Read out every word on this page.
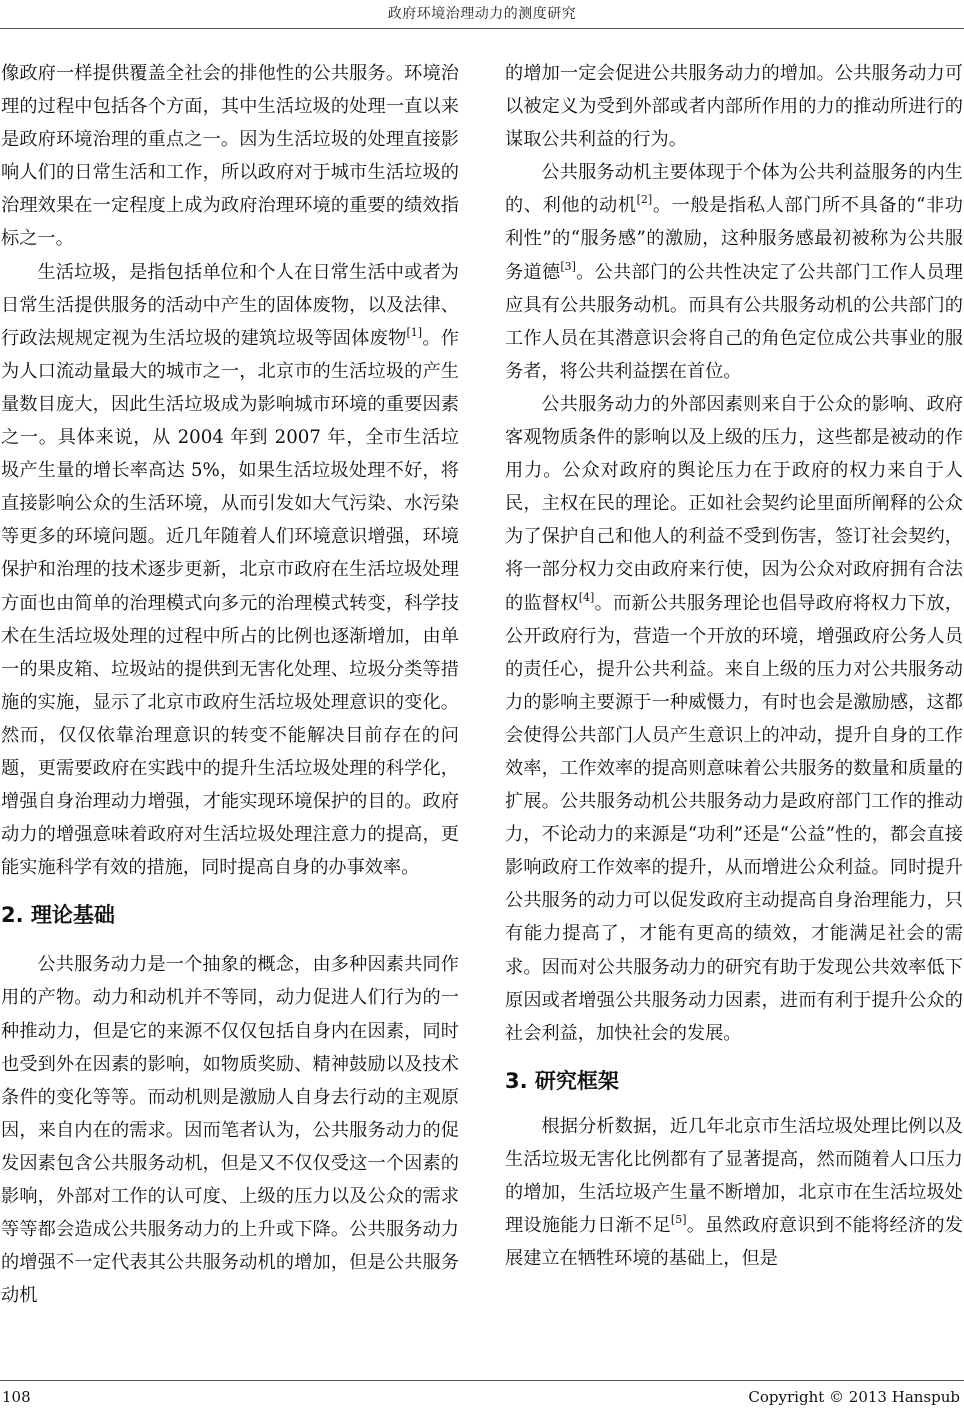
政府环境治理动力的测度研究

像政府一样提供覆盖全社会的排他性的公共服务。环境治理的过程中包括各个方面，其中生活垃圾的处理一直以来是政府环境治理的重点之一。因为生活垃圾的处理直接影响人们的日常生活和工作，所以政府对于城市生活垃圾的治理效果在一定程度上成为政府治理环境的重要的绩效指标之一。

生活垃圾，是指包括单位和个人在日常生活中或者为日常生活提供服务的活动中产生的固体废物，以及法律、行政法规规定视为生活垃圾的建筑垃圾等固体废物[1]。作为人口流动量最大的城市之一，北京市的生活垃圾的产生量数目庞大，因此生活垃圾成为影响城市环境的重要因素之一。具体来说，从 2004 年到 2007 年，全市生活垃圾产生量的增长率高达 5%，如果生活垃圾处理不好，将直接影响公众的生活环境，从而引发如大气污染、水污染等更多的环境问题。近几年随着人们环境意识增强，环境保护和治理的技术逐步更新，北京市政府在生活垃圾处理方面也由简单的治理模式向多元的治理模式转变，科学技术在生活垃圾处理的过程中所占的比例也逐渐增加，由单一的果皮箱、垃圾站的提供到无害化处理、垃圾分类等措施的实施，显示了北京市政府生活垃圾处理意识的变化。然而，仅仅依靠治理意识的转变不能解决目前存在的问题，更需要政府在实践中的提升生活垃圾处理的科学化，增强自身治理动力增强，才能实现环境保护的目的。政府动力的增强意味着政府对生活垃圾处理注意力的提高，更能实施科学有效的措施，同时提高自身的办事效率。

2. 理论基础

公共服务动力是一个抽象的概念，由多种因素共同作用的产物。动力和动机并不等同，动力促进人们行为的一种推动力，但是它的来源不仅仅包括自身内在因素，同时也受到外在因素的影响，如物质奖励、精神鼓励以及技术条件的变化等等。而动机则是激励人自身去行动的主观原因，来自内在的需求。因而笔者认为，公共服务动力的促发因素包含公共服务动机，但是又不仅仅受这一个因素的影响，外部对工作的认可度、上级的压力以及公众的需求等等都会造成公共服务动力的上升或下降。公共服务动力的增强不一定代表其公共服务动机的增加，但是公共服务动机

的增加一定会促进公共服务动力的增加。公共服务动力可以被定义为受到外部或者内部所作用的力的推动所进行的谋取公共利益的行为。

公共服务动机主要体现于个体为公共利益服务的内生的、利他的动机[2]。一般是指私人部门所不具备的“非功利性”的“服务感”的激励，这种服务感最初被称为公共服务道德[3]。公共部门的公共性决定了公共部门工作人员理应具有公共服务动机。而具有公共服务动机的公共部门的工作人员在其潜意识会将自己的角色定位成公共事业的服务者，将公共利益摆在首位。

公共服务动力的外部因素则来自于公众的影响、政府客观物质条件的影响以及上级的压力，这些都是被动的作用力。公众对政府的舆论压力在于政府的权力来自于人民，主权在民的理论。正如社会契约论里面所阐释的公众为了保护自己和他人的利益不受到伤害，签订社会契约，将一部分权力交由政府来行使，因为公众对政府拥有合法的监督权[4]。而新公共服务理论也倡导政府将权力下放，公开政府行为，营造一个开放的环境，增强政府公务人员的责任心，提升公共利益。来自上级的压力对公共服务动力的影响主要源于一种威慑力，有时也会是激励感，这都会使得公共部门人员产生意识上的冲动，提升自身的工作效率，工作效率的提高则意味着公共服务的数量和质量的扩展。公共服务动机公共服务动力是政府部门工作的推动力，不论动力的来源是“功利”还是“公益”性的，都会直接影响政府工作效率的提升，从而增进公众利益。同时提升公共服务的动力可以促发政府主动提高自身治理能力，只有能力提高了，才能有更高的绩效，才能满足社会的需求。因而对公共服务动力的研究有助于发现公共效率低下原因或者增强公共服务动力因素，进而有利于提升公众的社会利益，加快社会的发展。

3. 研究框架

根据分析数据，近几年北京市生活垃圾处理比例以及生活垃圾无害化比例都有了显著提高，然而随着人口压力的增加，生活垃圾产生量不断增加，北京市在生活垃圾处理设施能力日渐不足[5]。虽然政府意识到不能将经济的发展建立在牺牲环境的基础上，但是

108	Copyright © 2013 Hanspub
